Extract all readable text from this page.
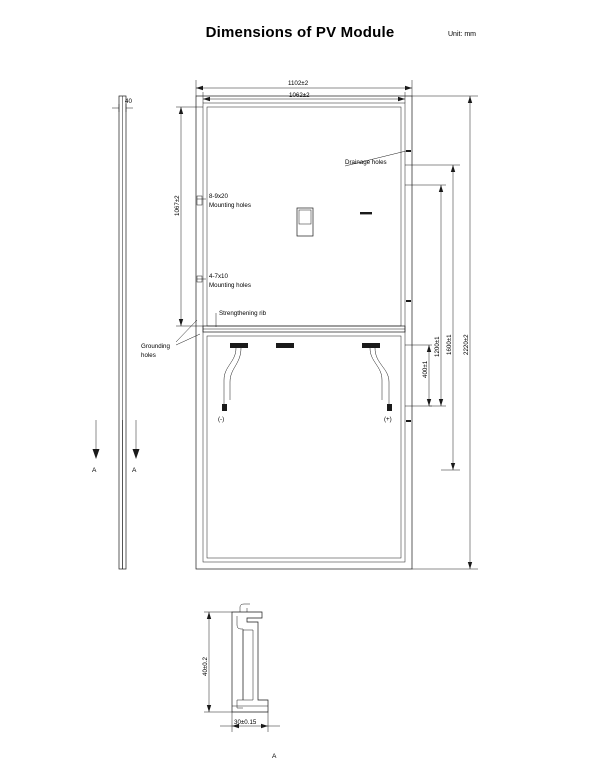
Dimensions of PV Module	Unit: mm
40
A	A
(-)	(+)
1102±2
1062±2
1067±2
400±1
1200±1 1600±1 2220±2
Drainage holes
8-9x20
Mounting holes
4-7x10
Mounting holes
Strengthening rib
Grounding
holes
40±0.2
30±0.15
A
